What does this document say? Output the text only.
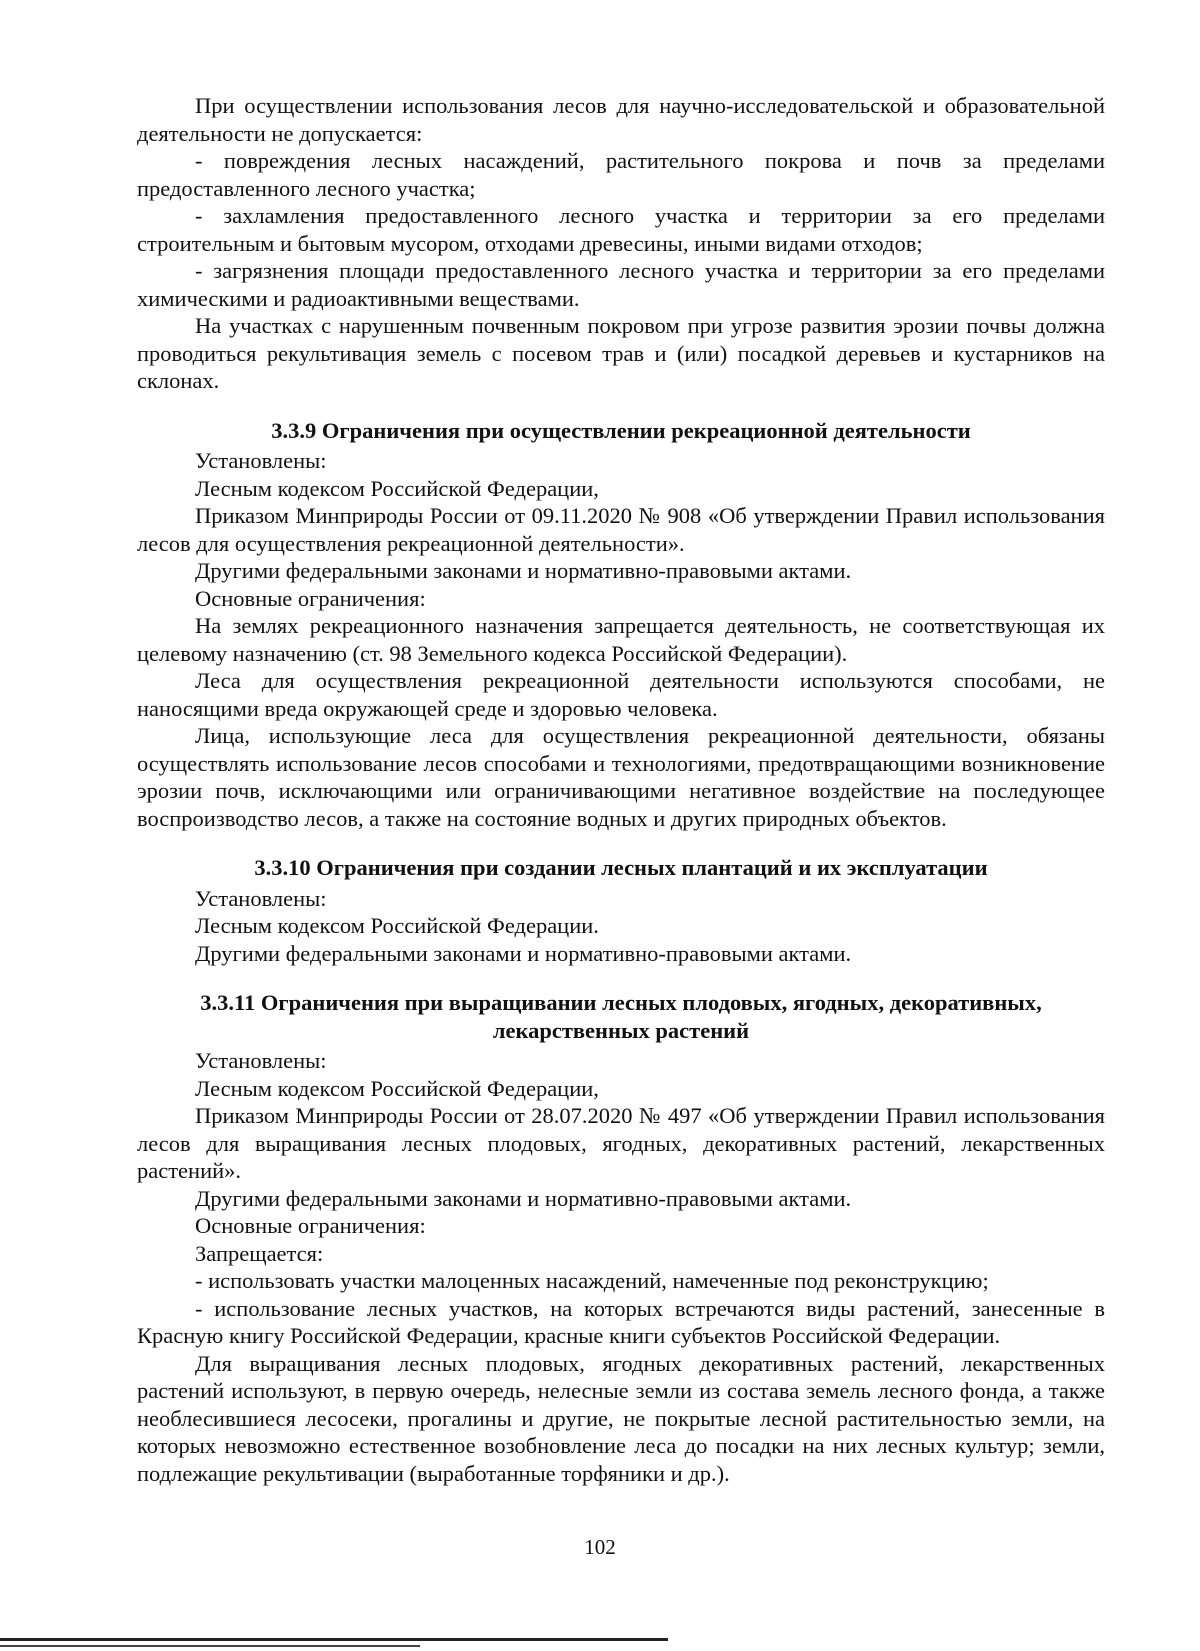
При осуществлении использования лесов для научно-исследовательской и образовательной деятельности не допускается:

- повреждения лесных насаждений, растительного покрова и почв за пределами предоставленного лесного участка;

- захламления предоставленного лесного участка и территории за его пределами строительным и бытовым мусором, отходами древесины, иными видами отходов;

- загрязнения площади предоставленного лесного участка и территории за его пределами химическими и радиоактивными веществами.

На участках с нарушенным почвенным покровом при угрозе развития эрозии почвы должна проводиться рекультивация земель с посевом трав и (или) посадкой деревьев и кустарников на склонах.

3.3.9 Ограничения при осуществлении рекреационной деятельности

Установлены:

Лесным кодексом Российской Федерации,

Приказом Минприроды России от 09.11.2020 № 908 «Об утверждении Правил использования лесов для осуществления рекреационной деятельности».

Другими федеральными законами и нормативно-правовыми актами.

Основные ограничения:

На землях рекреационного назначения запрещается деятельность, не соответствующая их целевому назначению (ст. 98 Земельного кодекса Российской Федерации).

Леса для осуществления рекреационной деятельности используются способами, не наносящими вреда окружающей среде и здоровью человека.

Лица, использующие леса для осуществления рекреационной деятельности, обязаны осуществлять использование лесов способами и технологиями, предотвращающими возникновение эрозии почв, исключающими или ограничивающими негативное воздействие на последующее воспроизводство лесов, а также на состояние водных и других природных объектов.

3.3.10 Ограничения при создании лесных плантаций и их эксплуатации

Установлены:

Лесным кодексом Российской Федерации.

Другими федеральными законами и нормативно-правовыми актами.

3.3.11 Ограничения при выращивании лесных плодовых, ягодных, декоративных, лекарственных растений

Установлены:

Лесным кодексом Российской Федерации,

Приказом Минприроды России от 28.07.2020 № 497 «Об утверждении Правил использования лесов для выращивания лесных плодовых, ягодных, декоративных растений, лекарственных растений».

Другими федеральными законами и нормативно-правовыми актами.

Основные ограничения:

Запрещается:

- использовать участки малоценных насаждений, намеченные под реконструкцию;

- использование лесных участков, на которых встречаются виды растений, занесенные в Красную книгу Российской Федерации, красные книги субъектов Российской Федерации.

Для выращивания лесных плодовых, ягодных декоративных растений, лекарственных растений используют, в первую очередь, нелесные земли из состава земель лесного фонда, а также необлесившиеся лесосеки, прогалины и другие, не покрытые лесной растительностью земли, на которых невозможно естественное возобновление леса до посадки на них лесных культур; земли, подлежащие рекультивации (выработанные торфяники и др.).

102
